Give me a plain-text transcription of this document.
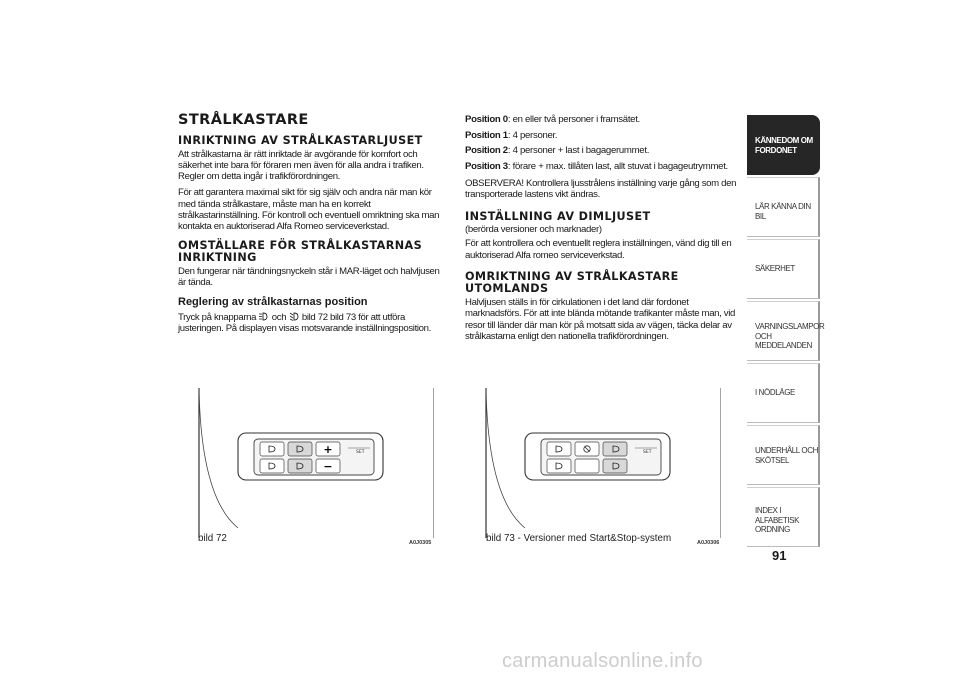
STRÅLKASTARE
INRIKTNING AV STRÅLKASTARLJUSET

Att strålkastarna är rätt inriktade är avgörande för komfort och säkerhet inte bara för föraren men även för alla andra i trafiken. Regler om detta ingår i trafikförordningen.

För att garantera maximal sikt för sig själv och andra när man kör med tända strålkastare, måste man ha en korrekt strålkastarinställning. För kontroll och eventuell omriktning ska man kontakta en auktoriserad Alfa Romeo serviceverkstad.

OMSTÄLLARE FÖR STRÅLKASTARNAS INRIKTNING

Den fungerar när tändningsnyckeln står i MAR-läget och halvljusen är tända.

Reglering av strålkastarnas position

Tryck på knapparna och bild 72 bild 73 för att utföra justeringen. På displayen visas motsvarande inställningsposition.

Position 0: en eller två personer i framsätet.

Position 1: 4 personer.

Position 2: 4 personer + last i bagagerummet.

Position 3: förare + max. tillåten last, allt stuvat i bagageutrymmet.

OBSERVERA! Kontrollera ljusstrålens inställning varje gång som den transporterade lastens vikt ändras.

INSTÄLLNING AV DIMLJUSET

(berörda versioner och marknader)

För att kontrollera och eventuellt reglera inställningen, vänd dig till en auktoriserad Alfa romeo serviceverkstad.

OMRIKTNING AV STRÅLKASTARE UTOMLANDS

Halvljusen ställs in för cirkulationen i det land där fordonet marknadsförs. För att inte blända mötande trafikanter måste man, vid resor till länder där man kör på motsatt sida av vägen, täcka delar av strålkastarna enligt den nationella trafikförordningen.

+
−
SET
bild 72	A0J0305
SET
bild 73 - Versioner med Start&Stop-system	A0J0306
KÄNNEDOM OM
FORDONET
LÄR KÄNNA DIN BIL
SÄKERHET
VARNINGSLAMPOR
OCH MEDDELANDEN
I NÖDLÄGE
UNDERHÅLL OCH
SKÖTSEL
INDEX I ALFABETISK
ORDNING
91
carmanualsonline.info
